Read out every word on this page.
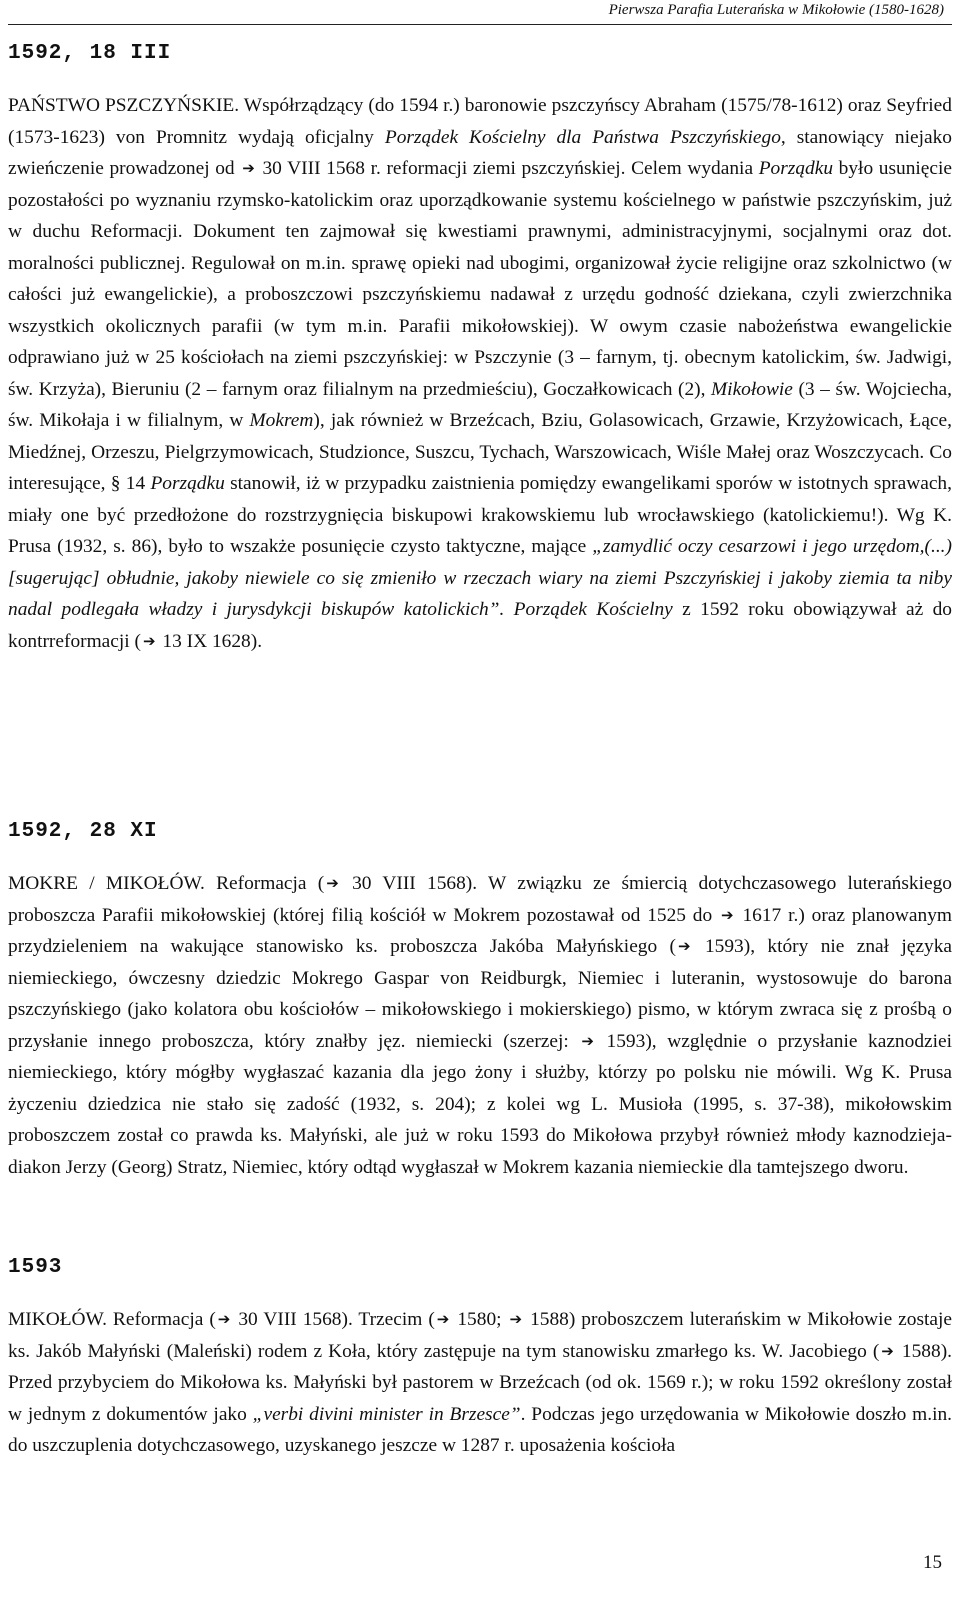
Pierwsza Parafia Luterańska w Mikołowie (1580-1628)
1592, 18 III

PAŃSTWO PSZCZYŃSKIE. Współrządzący (do 1594 r.) baronowie pszczyńscy Abraham (1575/78-1612) oraz Seyfried (1573-1623) von Promnitz wydają oficjalny Porządek Kościelny dla Państwa Pszczyńskiego, stanowiący niejako zwieńczenie prowadzonej od ➔ 30 VIII 1568 r. reformacji ziemi pszczyńskiej. Celem wydania Porządku było usunięcie pozostałości po wyznaniu rzymsko-katolickim oraz uporządkowanie systemu kościelnego w państwie pszczyńskim, już w duchu Reformacji. Dokument ten zajmował się kwestiami prawnymi, administracyjnymi, socjalnymi oraz dot. moralności publicznej. Regulował on m.in. sprawę opieki nad ubogimi, organizował życie religijne oraz szkolnictwo (w całości już ewangelickie), a proboszczowi pszczyńskiemu nadawał z urzędu godność dziekana, czyli zwierzchnika wszystkich okolicznych parafii (w tym m.in. Parafii mikołowskiej). W owym czasie nabożeństwa ewangelickie odprawiano już w 25 kościołach na ziemi pszczyńskiej: w Pszczynie (3 – farnym, tj. obecnym katolickim, św. Jadwigi, św. Krzyża), Bieruniu (2 – farnym oraz filialnym na przedmieściu), Goczałkowicach (2), Mikołowie (3 – św. Wojciecha, św. Mikołaja i w filialnym, w Mokrem), jak również w Brzeźcach, Bziu, Golasowicach, Grzawie, Krzyżowicach, Łące, Miedźnej, Orzeszu, Pielgrzymowicach, Studzionce, Suszcu, Tychach, Warszowicach, Wiśle Małej oraz Woszczycach. Co interesujące, § 14 Porządku stanowił, iż w przypadku zaistnienia pomiędzy ewangelikami sporów w istotnych sprawach, miały one być przedłożone do rozstrzygnięcia biskupowi krakowskiemu lub wrocławskiego (katolickiemu!). Wg K. Prusa (1932, s. 86), było to wszakże posunięcie czysto taktyczne, mające „zamydlić oczy cesarzowi i jego urzędom,(...) [sugerując] obłudnie, jakoby niewiele co się zmieniło w rzeczach wiary na ziemi Pszczyńskiej i jakoby ziemia ta niby nadal podlegała władzy i jurysdykcji biskupów katolickich”. Porządek Kościelny z 1592 roku obowiązywał aż do kontrreformacji ( ➔ 13 IX 1628).

1592, 28 XI

MOKRE / MIKOŁÓW. Reformacja ( ➔ 30 VIII 1568). W związku ze śmiercią dotychczasowego luterańskiego proboszcza Parafii mikołowskiej (której filią kościół w Mokrem pozostawał od 1525 do ➔ 1617 r.) oraz planowanym przydzieleniem na wakujące stanowisko ks. proboszcza Jakóba Małyńskiego ( ➔ 1593), który nie znał języka niemieckiego, ówczesny dziedzic Mokrego Gaspar von Reidburgk, Niemiec i luteranin, wystosowuje do barona pszczyńskiego (jako kolatora obu kościołów – mikołowskiego i mokierskiego) pismo, w którym zwraca się z prośbą o przysłanie innego proboszcza, który znałby jęz. niemiecki (szerzej: ➔ 1593), względnie o przysłanie kaznodziei niemieckiego, który mógłby wygłaszać kazania dla jego żony i służby, którzy po polsku nie mówili. Wg K. Prusa życzeniu dziedzica nie stało się zadość (1932, s. 204); z kolei wg L. Musioła (1995, s. 37-38), mikołowskim proboszczem został co prawda ks. Małyński, ale już w roku 1593 do Mikołowa przybył również młody kaznodzieja-diakon Jerzy (Georg) Stratz, Niemiec, który odtąd wygłaszał w Mokrem kazania niemieckie dla tamtejszego dworu.

1593

MIKOŁÓW. Reformacja ( ➔ 30 VIII 1568). Trzecim ( ➔ 1580; ➔ 1588) proboszczem luterańskim w Mikołowie zostaje ks. Jakób Małyński (Maleński) rodem z Koła, który zastępuje na tym stanowisku zmarłego ks. W. Jacobiego ( ➔ 1588). Przed przybyciem do Mikołowa ks. Małyński był pastorem w Brzeźcach (od ok. 1569 r.); w roku 1592 określony został w jednym z dokumentów jako „verbi divini minister in Brzesce”. Podczas jego urzędowania w Mikołowie doszło m.in. do uszczuplenia dotychczasowego, uzyskanego jeszcze w 1287 r. uposażenia kościoła

15
